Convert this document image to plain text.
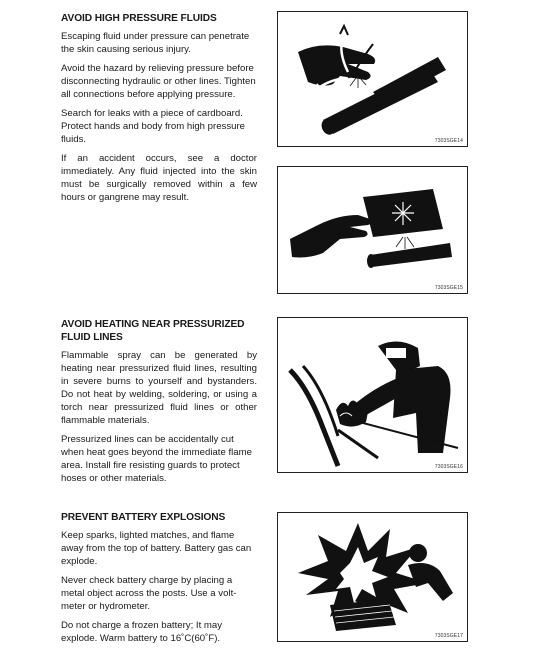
AVOID HIGH PRESSURE FLUIDS

Escaping fluid under pressure can penetrate the skin causing serious injury.

Avoid the hazard by relieving pressure before disconnecting hydraulic or other lines. Tighten all connections before applying pressure.

Search for leaks with a piece of cardboard. Protect hands and body from high pressure fluids.

If an accident occurs, see a doctor immediately. Any fluid injected into the skin must be surgically removed within a few hours or gangrene may result.

AVOID HEATING NEAR PRESSURIZED
FLUID LINES

Flammable spray can be generated by heating near pressurized fluid lines, resulting in severe burns to yourself and bystanders. Do not heat by welding, soldering, or using a torch near pressurized fluid lines or other flammable materials.

Pressurized lines can be accidentally cut when heat goes beyond the immediate flame area. Install fire resisting guards to protect hoses or other materials.

PREVENT BATTERY EXPLOSIONS

Keep sparks, lighted matches, and flame away from the top of battery. Battery gas can explode.

Never check battery charge by placing a metal object across the posts. Use a volt-meter or hydrometer.

Do not charge a frozen battery; It may explode. Warm battery to 16˚C(60˚F).

7303SGE14
7303SGE15
7303SGE16
7303SGE17
